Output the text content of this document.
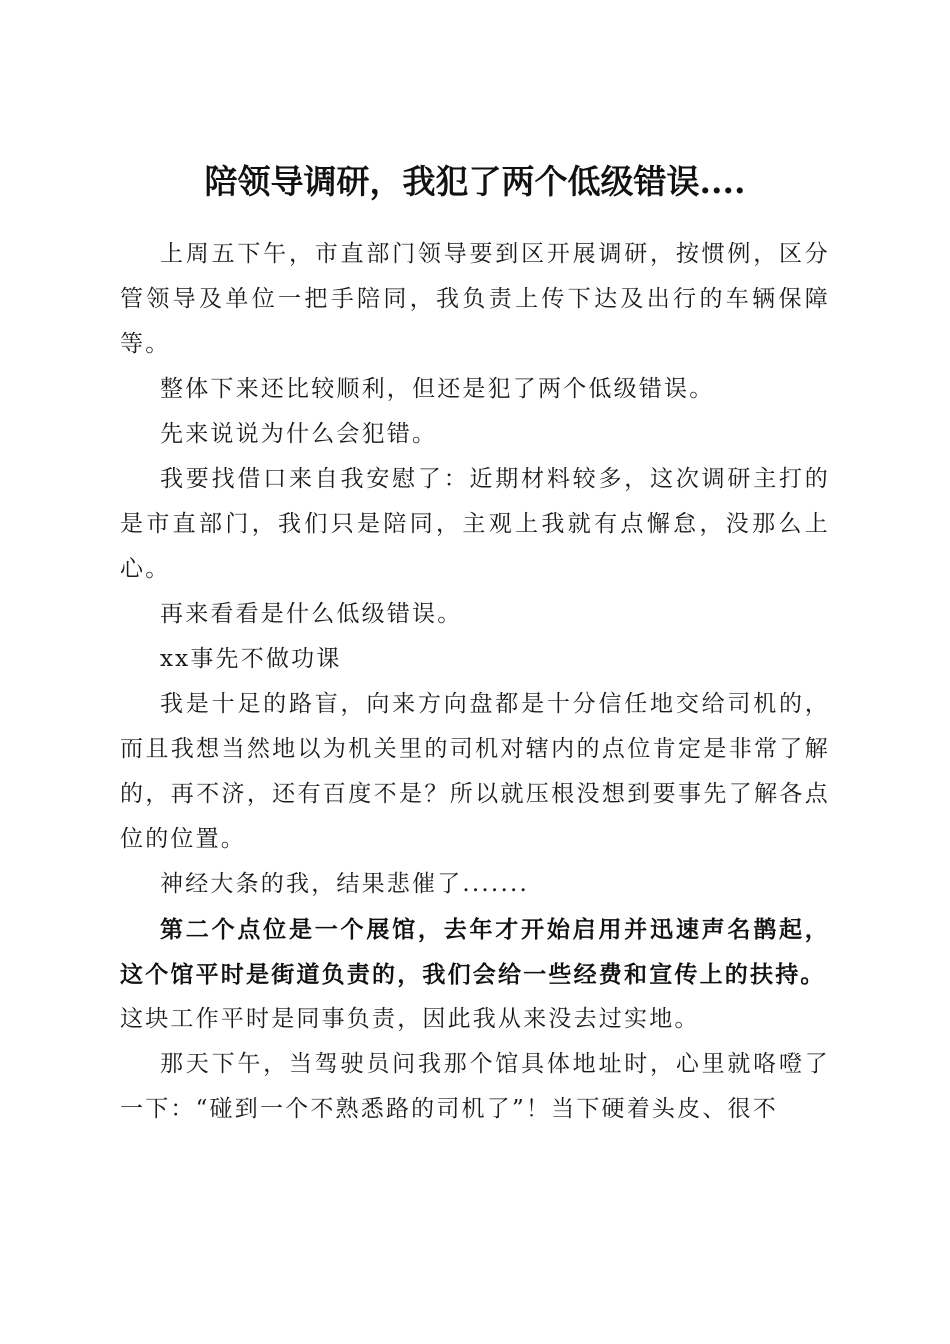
陪领导调研，我犯了两个低级错误....

上周五下午，市直部门领导要到区开展调研，按惯例，区分管领导及单位一把手陪同，我负责上传下达及出行的车辆保障等。

整体下来还比较顺利，但还是犯了两个低级错误。

先来说说为什么会犯错。

我要找借口来自我安慰了：近期材料较多，这次调研主打的是市直部门，我们只是陪同，主观上我就有点懈怠，没那么上心。

再来看看是什么低级错误。

xx事先不做功课

我是十足的路盲，向来方向盘都是十分信任地交给司机的，而且我想当然地以为机关里的司机对辖内的点位肯定是非常了解的，再不济，还有百度不是？所以就压根没想到要事先了解各点位的位置。

神经大条的我，结果悲催了.......

第二个点位是一个展馆，去年才开始启用并迅速声名鹊起，这个馆平时是街道负责的，我们会给一些经费和宣传上的扶持。

这块工作平时是同事负责，因此我从来没去过实地。

那天下午，当驾驶员问我那个馆具体地址时，心里就咯噔了一下：“碰到一个不熟悉路的司机了”！当下硬着头皮、很不
